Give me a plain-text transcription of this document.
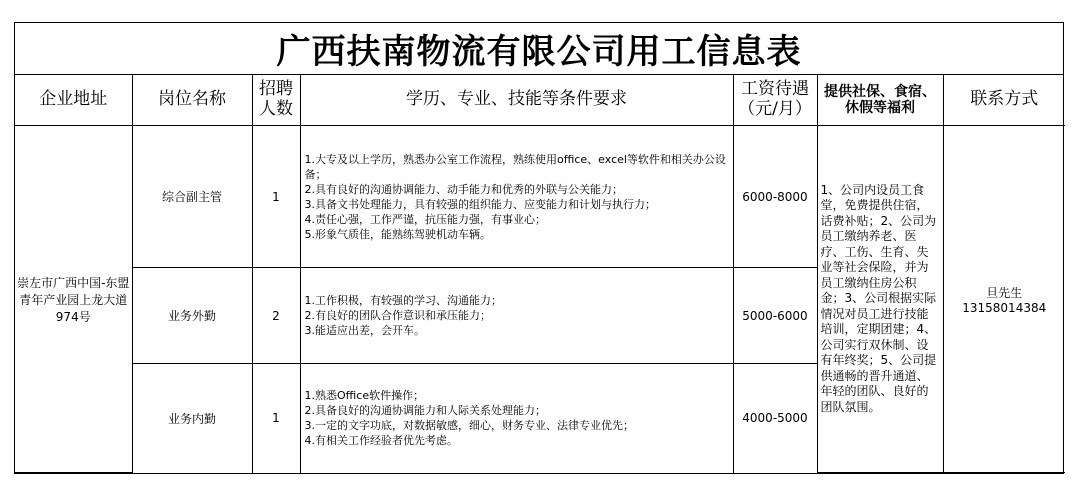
广西扶南物流有限公司用工信息表
企业地址	岗位名称	招聘人数	学历、专业、技能等条件要求	工资待遇（元/月）	提供社保、食宿、休假等福利	联系方式
崇左市广西中国-东盟青年产业园上龙大道974号	综合副主管	1	1.大专及以上学历，熟悉办公室工作流程，熟练使用office、excel等软件和相关办公设备；
2.具有良好的沟通协调能力、动手能力和优秀的外联与公关能力；
3.具备文书处理能力，具有较强的组织能力、应变能力和计划与执行力；
4.责任心强，工作严谨，抗压能力强，有事业心；
5.形象气质佳，能熟练驾驶机动车辆。	6000-8000	1、公司内设员工食堂，免费提供住宿，话费补贴；2、公司为员工缴纳养老、医疗、工伤、生育、失业等社会保险，并为员工缴纳住房公积金；3、公司根据实际情况对员工进行技能培训，定期团建；4、公司实行双休制、设有年终奖；5、公司提供通畅的晋升通道、年轻的团队、良好的团队氛围。	旦先生
13158014384

	业务外勤	2	1.工作积极，有较强的学习、沟通能力；
2.有良好的团队合作意识和承压能力；
3.能适应出差，会开车。	5000-6000		
	业务内勤	1	1.熟悉Office软件操作；
2.具备良好的沟通协调能力和人际关系处理能力；
3.一定的文字功底，对数据敏感，细心，财务专业、法律专业优先；
4.有相关工作经验者优先考虑。	4000-5000		
